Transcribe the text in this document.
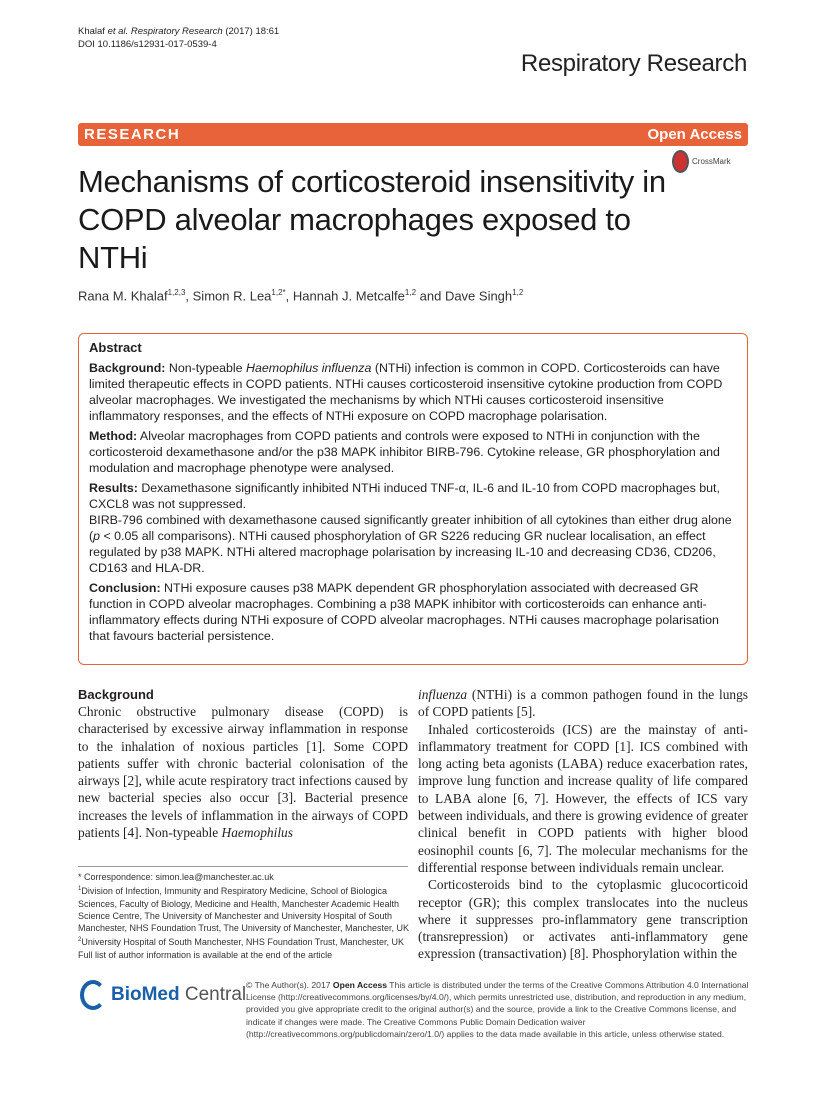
Khalaf et al. Respiratory Research (2017) 18:61
DOI 10.1186/s12931-017-0539-4
Respiratory Research
RESEARCH	Open Access
CrossMark
Mechanisms of corticosteroid insensitivity in COPD alveolar macrophages exposed to NTHi
Rana M. Khalaf$^{1,2,3}$, Simon R. Lea$^{1,2*}$, Hannah J. Metcalfe$^{1,2}$ and Dave Singh$^{1,2}$
Abstract

Background: Non-typeable Haemophilus influenza (NTHi) infection is common in COPD. Corticosteroids can have limited therapeutic effects in COPD patients. NTHi causes corticosteroid insensitive cytokine production from COPD alveolar macrophages. We investigated the mechanisms by which NTHi causes corticosteroid insensitive inflammatory responses, and the effects of NTHi exposure on COPD macrophage polarisation.

Method: Alveolar macrophages from COPD patients and controls were exposed to NTHi in conjunction with the corticosteroid dexamethasone and/or the p38 MAPK inhibitor BIRB-796. Cytokine release, GR phosphorylation and modulation and macrophage phenotype were analysed.

Results: Dexamethasone significantly inhibited NTHi induced TNF-α, IL-6 and IL-10 from COPD macrophages but, CXCL8 was not suppressed.

BIRB-796 combined with dexamethasone caused significantly greater inhibition of all cytokines than either drug alone (p < 0.05 all comparisons). NTHi caused phosphorylation of GR S226 reducing GR nuclear localisation, an effect regulated by p38 MAPK. NTHi altered macrophage polarisation by increasing IL-10 and decreasing CD36, CD206, CD163 and HLA-DR.

Conclusion: NTHi exposure causes p38 MAPK dependent GR phosphorylation associated with decreased GR function in COPD alveolar macrophages. Combining a p38 MAPK inhibitor with corticosteroids can enhance anti-inflammatory effects during NTHi exposure of COPD alveolar macrophages. NTHi causes macrophage polarisation that favours bacterial persistence.

Background

Chronic obstructive pulmonary disease (COPD) is characterised by excessive airway inflammation in response to the inhalation of noxious particles [1]. Some COPD patients suffer with chronic bacterial colonisation of the airways [2], while acute respiratory tract infections caused by new bacterial species also occur [3]. Bacterial presence increases the levels of inflammation in the airways of COPD patients [4]. Non-typeable Haemophilus

influenza (NTHi) is a common pathogen found in the lungs of COPD patients [5].

Inhaled corticosteroids (ICS) are the mainstay of anti-inflammatory treatment for COPD [1]. ICS combined with long acting beta agonists (LABA) reduce exacerbation rates, improve lung function and increase quality of life compared to LABA alone [6, 7]. However, the effects of ICS vary between individuals, and there is growing evidence of greater clinical benefit in COPD patients with higher blood eosinophil counts [6, 7]. The molecular mechanisms for the differential response between individuals remain unclear.

Corticosteroids bind to the cytoplasmic glucocorticoid receptor (GR); this complex translocates into the nucleus where it suppresses pro-inflammatory gene transcription (transrepression) or activates anti-inflammatory gene expression (transactivation) [8]. Phosphorylation within the

* Correspondence: simon.lea@manchester.ac.uk
$^1$Division of Infection, Immunity and Respiratory Medicine, School of Biologica Sciences, Faculty of Biology, Medicine and Health, Manchester Academic Health Science Centre, The University of Manchester and University Hospital of South Manchester, NHS Foundation Trust, The University of Manchester, Manchester, UK
$^2$University Hospital of South Manchester, NHS Foundation Trust, Manchester, UK
Full list of author information is available at the end of the article
BioMed Central © The Author(s). 2017 Open Access This article is distributed under the terms of the Creative Commons Attribution 4.0 International License (http://creativecommons.org/licenses/by/4.0/), which permits unrestricted use, distribution, and reproduction in any medium, provided you give appropriate credit to the original author(s) and the source, provide a link to the Creative Commons license, and indicate if changes were made. The Creative Commons Public Domain Dedication waiver (http://creativecommons.org/publicdomain/zero/1.0/) applies to the data made available in this article, unless otherwise stated.
